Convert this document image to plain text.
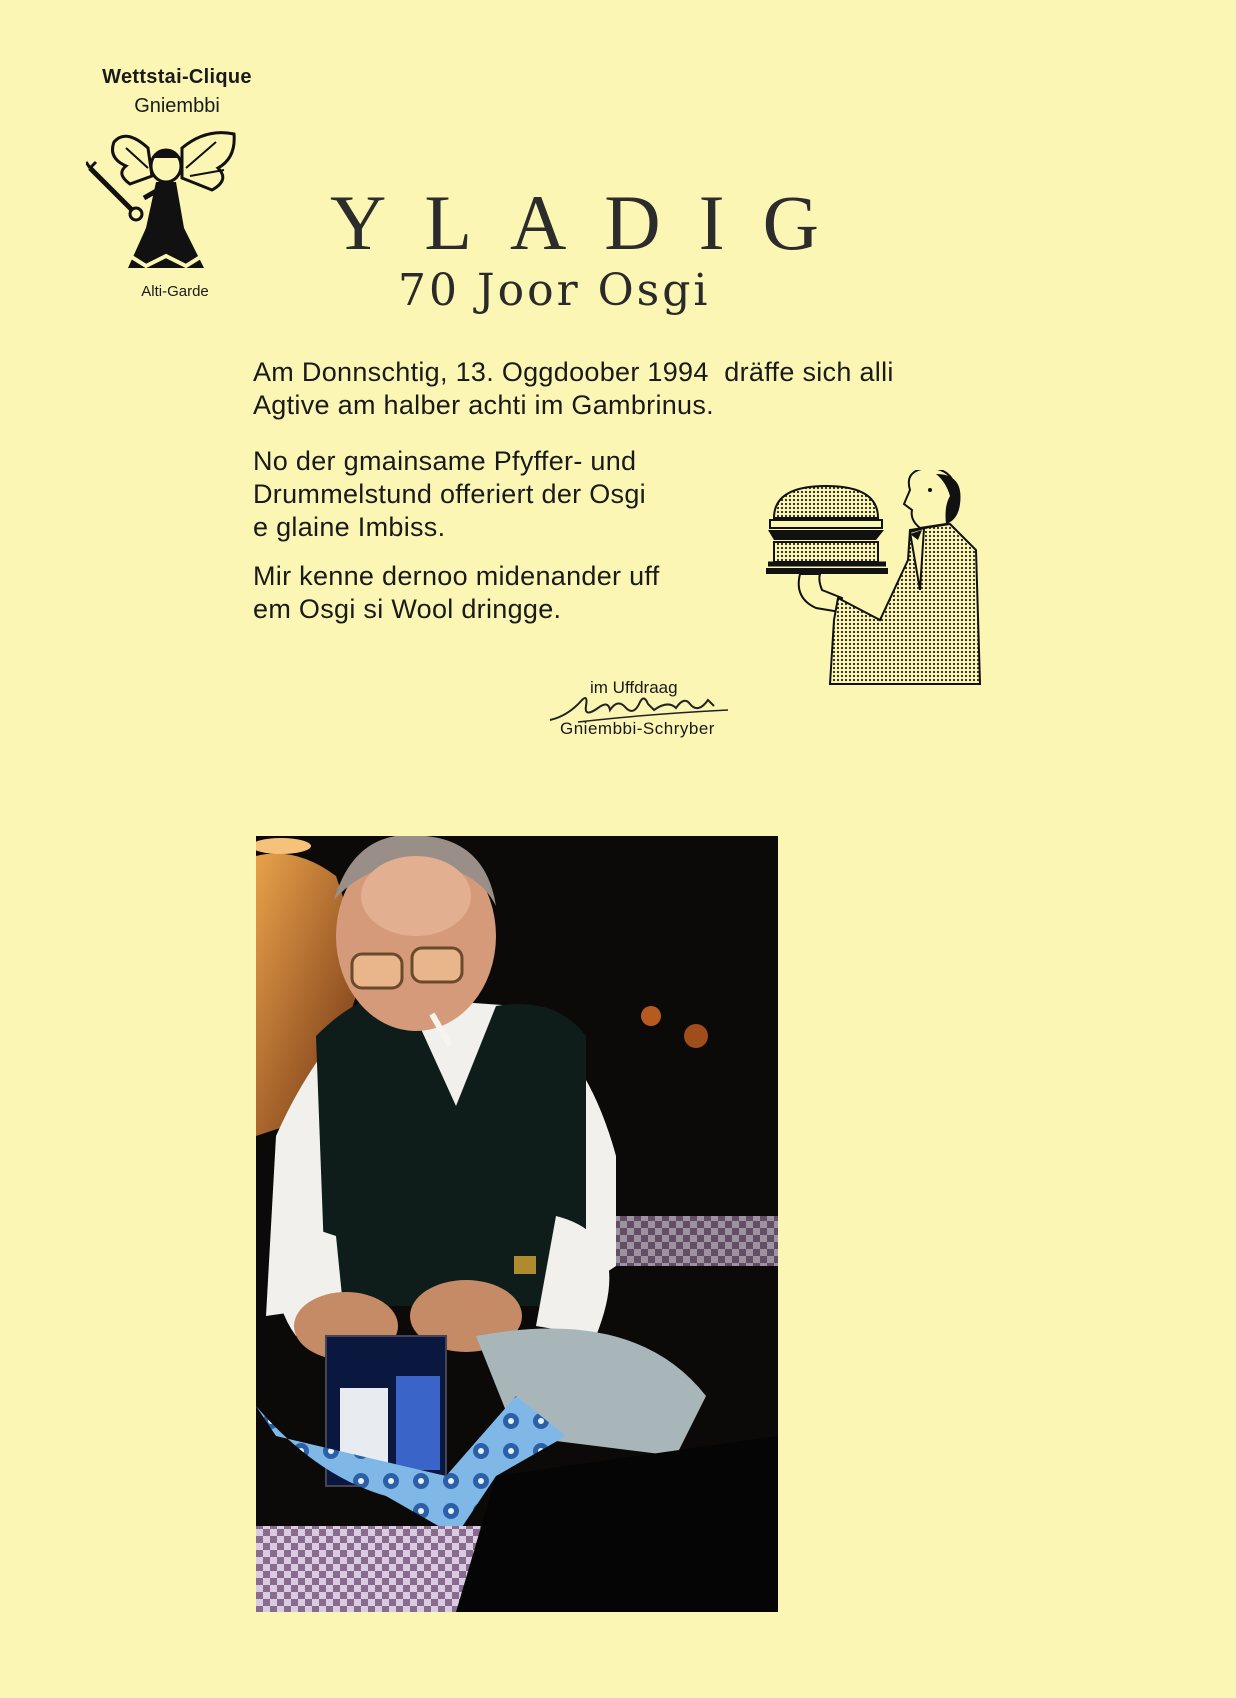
Wettstai-Clique
Gniembbi
Alti-Garde
YLADIG
70 Joor Osgi
Am Donnschtig, 13. Oggdoober 1994  dräffe sich alli
Agtive am halber achti im Gambrinus.
No der gmainsame Pfyffer- und
Drummelstund offeriert der Osgi
e glaine Imbiss.
Mir kenne dernoo midenander uff
em Osgi si Wool dringge.
im Uffdraag
Gniembbi-Schryber
